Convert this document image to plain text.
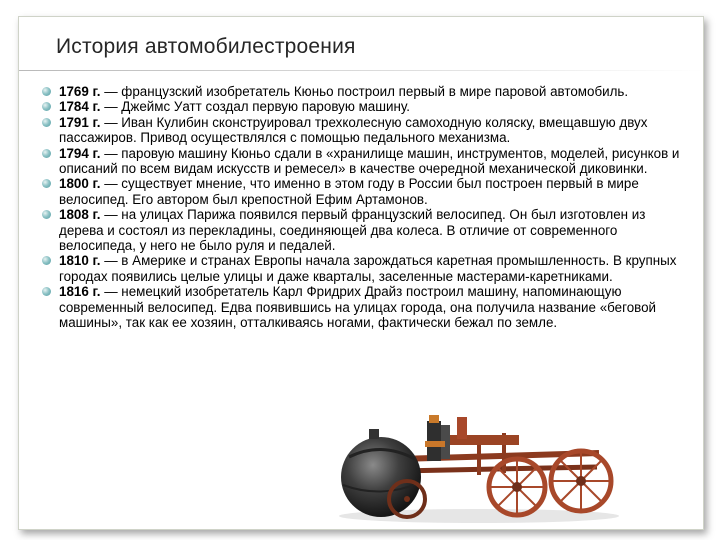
История автомобилестроения
1769 г. — французский изобретатель Кюньо построил первый в мире паровой автомобиль.
1784 г. — Джеймс Уатт создал первую паровую машину.
1791 г. — Иван Кулибин сконструировал трехколесную самоходную коляску, вмещавшую двух пассажиров. Привод осуществлялся с помощью педального механизма.
1794 г. — паровую машину Кюньо сдали в «хранилище машин, инструментов, моделей, рисунков и описаний по всем видам искусств и ремесел» в качестве очередной механической диковинки.
1800 г. — существует мнение, что именно в этом году в России был построен первый в мире велосипед. Его автором был крепостной Ефим Артамонов.
1808 г. — на улицах Парижа появился первый французский велосипед. Он был изготовлен из дерева и состоял из перекладины, соединяющей два колеса. В отличие от современного велосипеда, у него не было руля и педалей.
1810 г. — в Америке и странах Европы начала зарождаться каретная промышленность. В крупных городах появились целые улицы и даже кварталы, заселенные мастерами-каретниками.
1816 г. — немецкий изобретатель Карл Фридрих Драйз построил машину, напоминающую современный велосипед. Едва появившись на улицах города, она получила название «беговой машины», так как ее хозяин, отталкиваясь ногами, фактически бежал по земле.
